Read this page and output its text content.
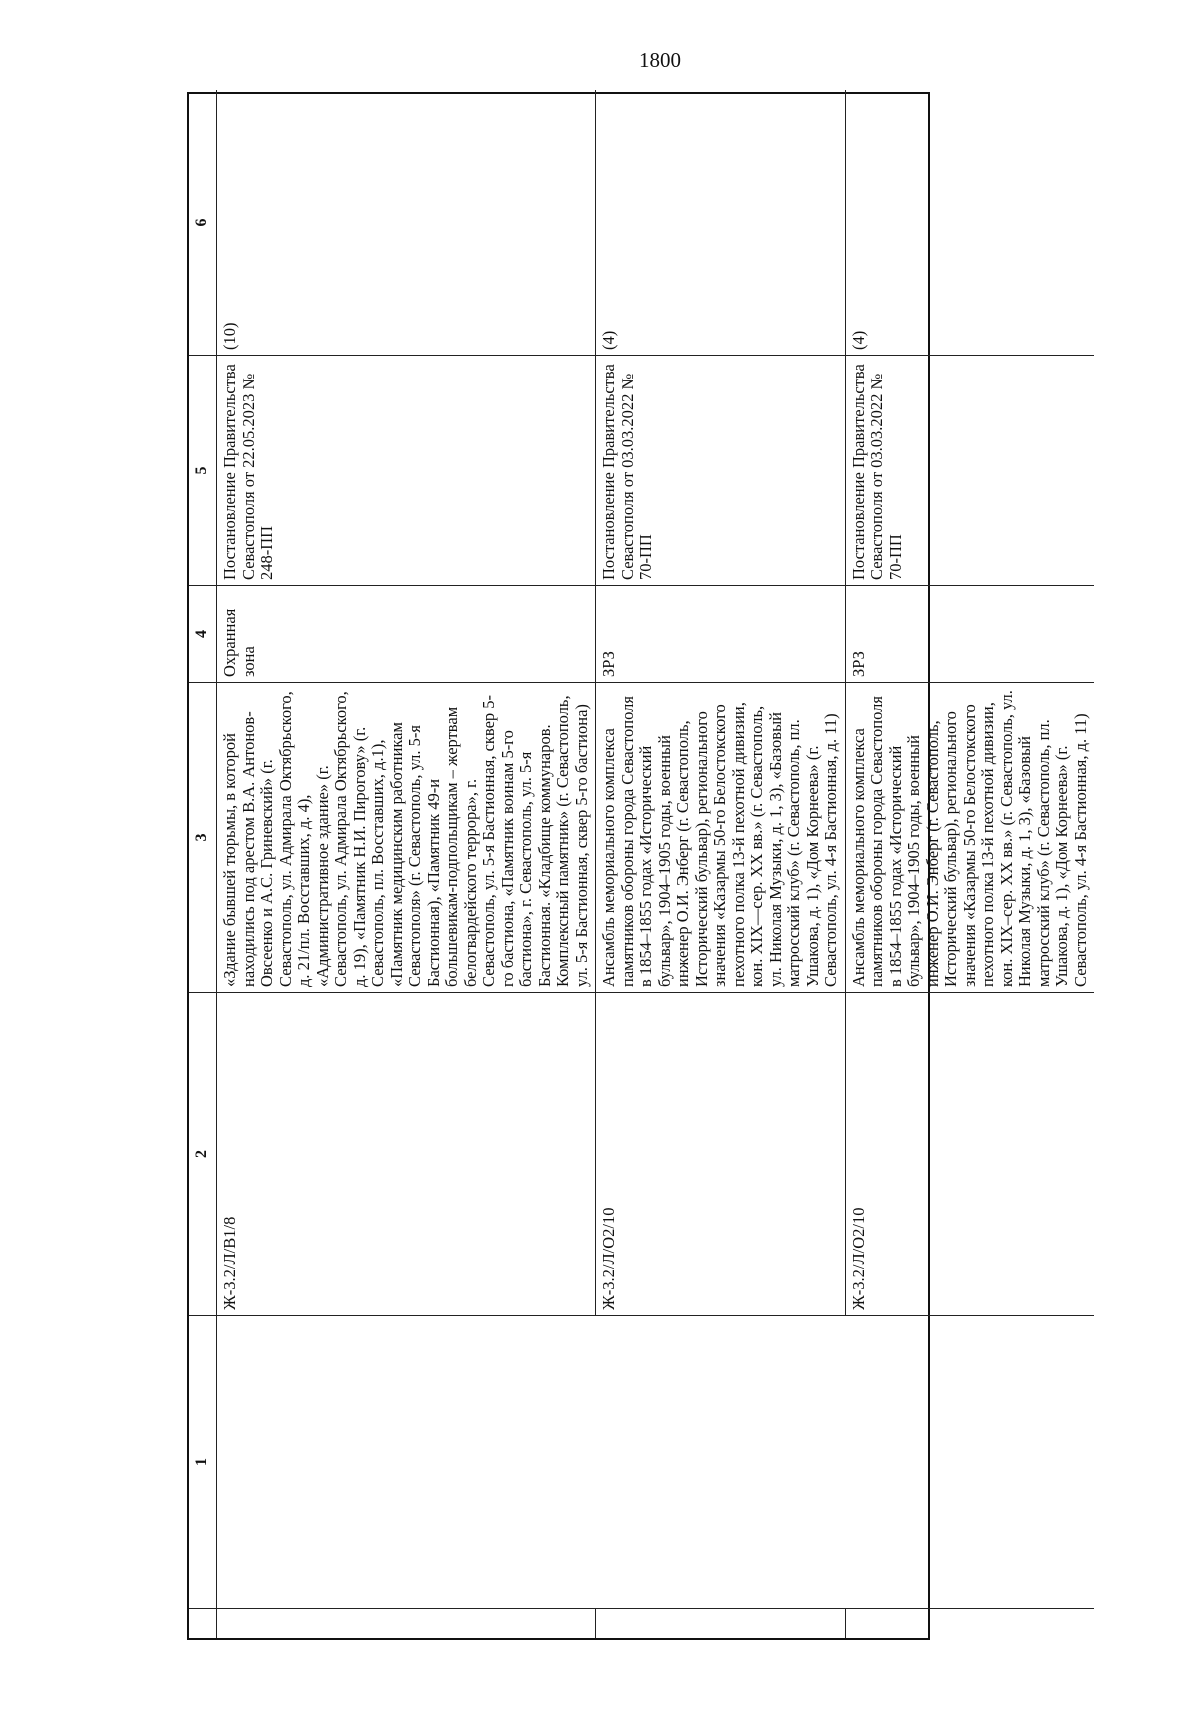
1800
1
2
3
4
5
6
Ж-3.2/Л/В1/8
«Здание бывшей тюрьмы, в которой находились под арестом В.А. Антонов-Овсеенко и А.С. Гриневский» (г. Севастополь, ул. Адмирала Октябрьского, д. 21/пл. Восставших, д. 4), «Административное здание» (г. Севастополь, ул. Адмирала Октябрьского, д. 19), «Памятник Н.И. Пирогову» (г. Севастополь, пл. Восставших, д.1), «Памятник медицинским работникам Севастополя» (г. Севастополь, ул. 5-я Бастионная), «Памятник 49-и большевикам-подпольщикам – жертвам белогвардейского террора», г. Севастополь, ул. 5-я Бастионная, сквер 5-го бастиона, «Памятник воинам 5-го бастиона», г. Севастополь, ул. 5-я Бастионная. «Кладбище коммунаров. Комплексный памятник» (г. Севастополь, ул. 5-я Бастионная, сквер 5-го бастиона)
Охранная зона
Постановление Правительства Севастополя от 22.05.2023 № 248-ПП
(10)
Ж-3.2/Л/О2/10
Ансамбль мемориального комплекса памятников обороны города Севастополя в 1854–1855 годах «Исторический бульвар», 1904–1905 годы, военный инженер О.И. Энберг (г. Севастополь, Исторический бульвар), регионального значения «Казармы 50-го Белостокского пехотного полка 13-й пехотной дивизии, кон. XIX—сер. XX вв.» (г. Севастополь, ул. Николая Музыки, д. 1, 3), «Базовый матросский клуб» (г. Севастополь, пл. Ушакова, д. 1), «Дом Корнеева» (г. Севастополь, ул. 4-я Бастионная, д. 11)
ЗРЗ
Постановление Правительства Севастополя от 03.03.2022 № 70-ПП
(4)
Ж-3.2/Л/О2/10
Ансамбль мемориального комплекса памятников обороны города Севастополя в 1854–1855 годах «Исторический бульвар», 1904–1905 годы, военный инженер О.И. Энберг (г. Севастополь, Исторический бульвар), регионального значения «Казармы 50-го Белостокского пехотного полка 13-й пехотной дивизии, кон. XIX–сер. XX вв.» (г. Севастополь, ул. Николая Музыки, д. 1, 3), «Базовый матросский клуб» (г. Севастополь, пл. Ушакова, д. 1), «Дом Корнеева» (г. Севастополь, ул. 4-я Бастионная, д. 11)
ЗРЗ
Постановление Правительства Севастополя от 03.03.2022 № 70-ПП
(4)
